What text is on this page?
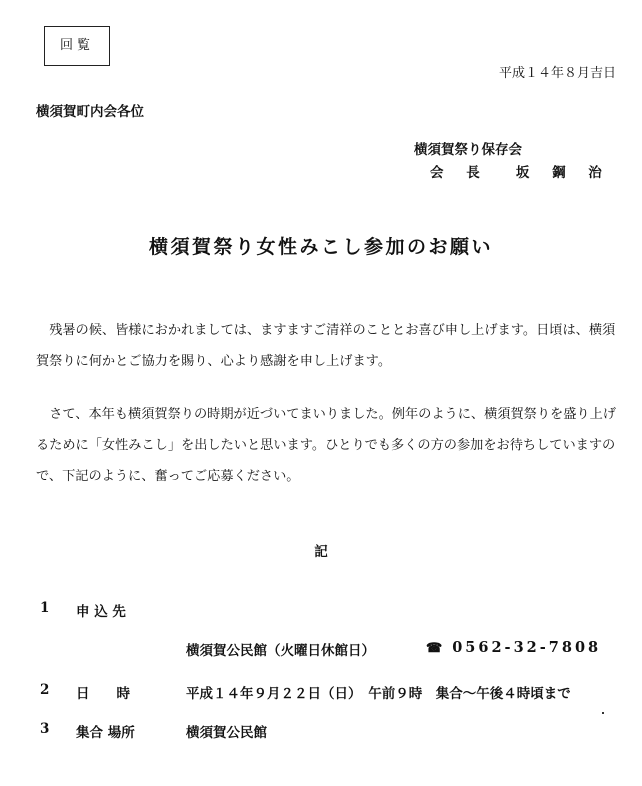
回覧
平成１４年８月吉日
横須賀町内会各位
横須賀祭り保存会
会 長　 坂 鋼 治
横須賀祭り女性みこし参加のお願い
残暑の候、皆様におかれましては、ますますご清祥のこととお喜び申し上げます。日頃は、横須賀祭りに何かとご協力を賜り、心より感謝を申し上げます。
さて、本年も横須賀祭りの時期が近づいてまいりました。例年のように、横須賀祭りを盛り上げるために「女性みこし」を出したいと思います。ひとりでも多くの方の参加をお待ちしていますので、下記のように、奮ってご応募ください。
記
1 申 込 先
横須賀公民館（火曜日休館日）	☎ 0562-32-7808
2 日　　時	平成１４年９月２２日（日）　午前９時　集合～午後４時頃まで
3 集合 場所	横須賀公民館
